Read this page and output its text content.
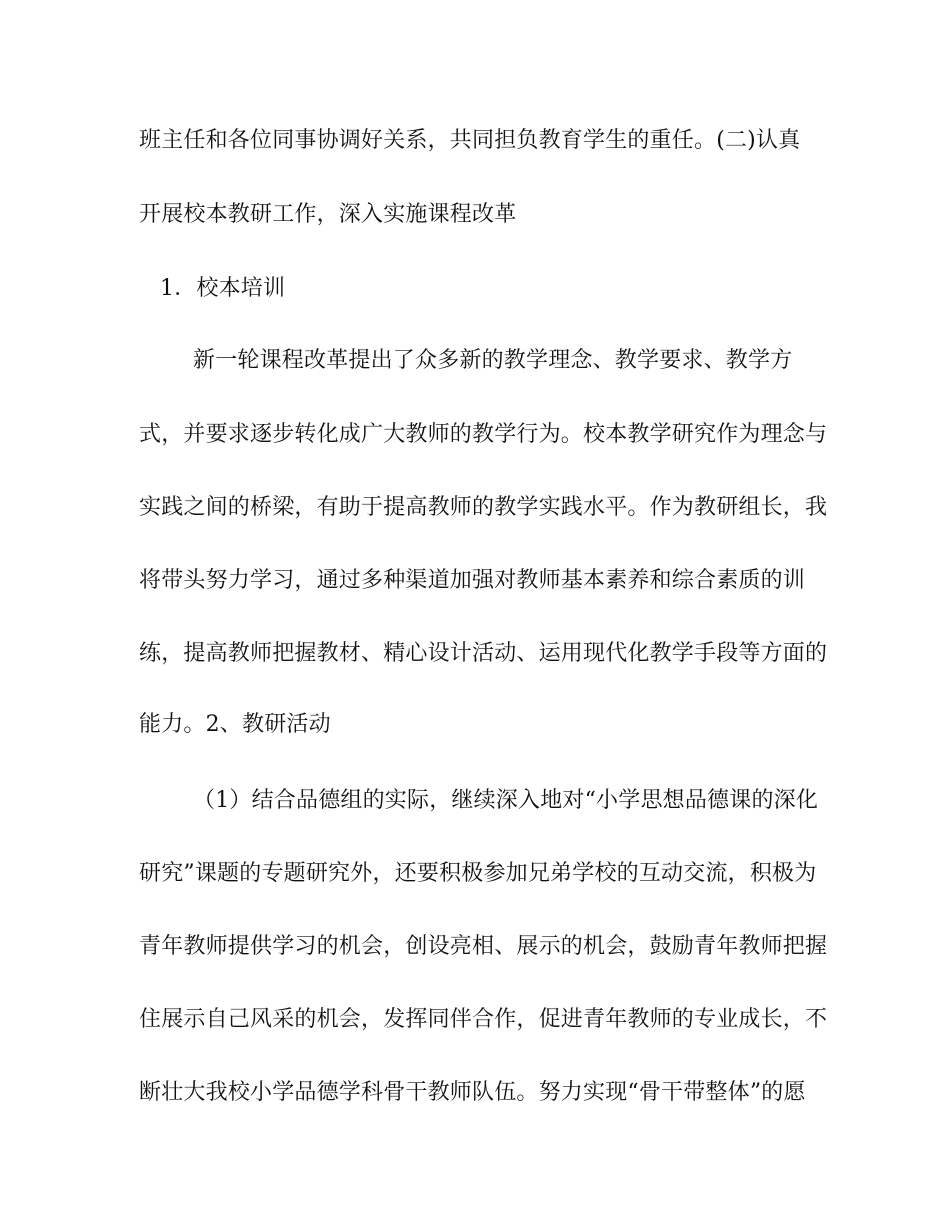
班主任和各位同事协调好关系，共同担负教育学生的重任。(二)认真
开展校本教研工作，深入实施课程改革
1．校本培训
新一轮课程改革提出了众多新的教学理念、教学要求、教学方
式，并要求逐步转化成广大教师的教学行为。校本教学研究作为理念与
实践之间的桥梁，有助于提高教师的教学实践水平。作为教研组长，我
将带头努力学习，通过多种渠道加强对教师基本素养和综合素质的训
练，提高教师把握教材、精心设计活动、运用现代化教学手段等方面的
能力。2、教研活动
（1）结合品德组的实际，继续深入地对“小学思想品德课的深化
研究”课题的专题研究外，还要积极参加兄弟学校的互动交流，积极为
青年教师提供学习的机会，创设亮相、展示的机会，鼓励青年教师把握
住展示自己风采的机会，发挥同伴合作，促进青年教师的专业成长，不
断壮大我校小学品德学科骨干教师队伍。努力实现“骨干带整体”的愿
